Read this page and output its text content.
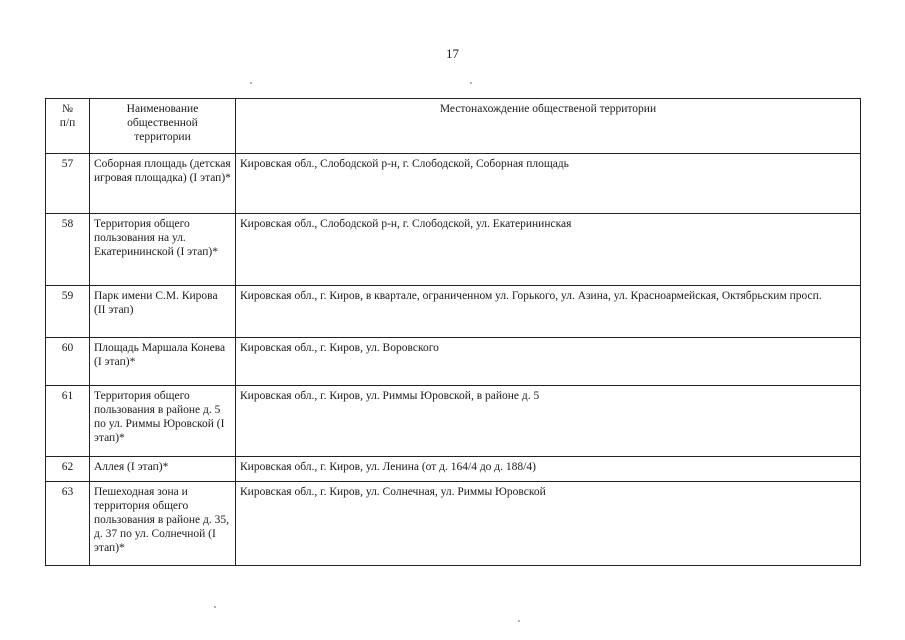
17
№ п/п	Наименование общественной территории	Местонахождение общественой территории
57	Соборная площадь (детская игровая площадка) (I этап)*	Кировская обл., Слободской р-н, г. Слободской, Соборная площадь
58	Территория общего пользования на ул. Екатерининской (I этап)*	Кировская обл., Слободской р-н, г. Слободской, ул. Екатерининская
59	Парк имени С.М. Кирова (II этап)	Кировская обл., г. Киров, в квартале, ограниченном ул. Горького, ул. Азина, ул. Красноармейская, Октябрьским просп.
60	Площадь Маршала Конева (I этап)*	Кировская обл., г. Киров, ул. Воровского
61	Территория общего пользования в районе д. 5 по ул. Риммы Юровской (I этап)*	Кировская обл., г. Киров, ул. Риммы Юровской, в районе д. 5
62	Аллея (I этап)*	Кировская обл., г. Киров, ул. Ленина (от д. 164/4 до д. 188/4)
63	Пешеходная зона и территория общего пользования в районе д. 35, д. 37 по ул. Солнечной (I этап)*	Кировская обл., г. Киров, ул. Солнечная, ул. Риммы Юровской
